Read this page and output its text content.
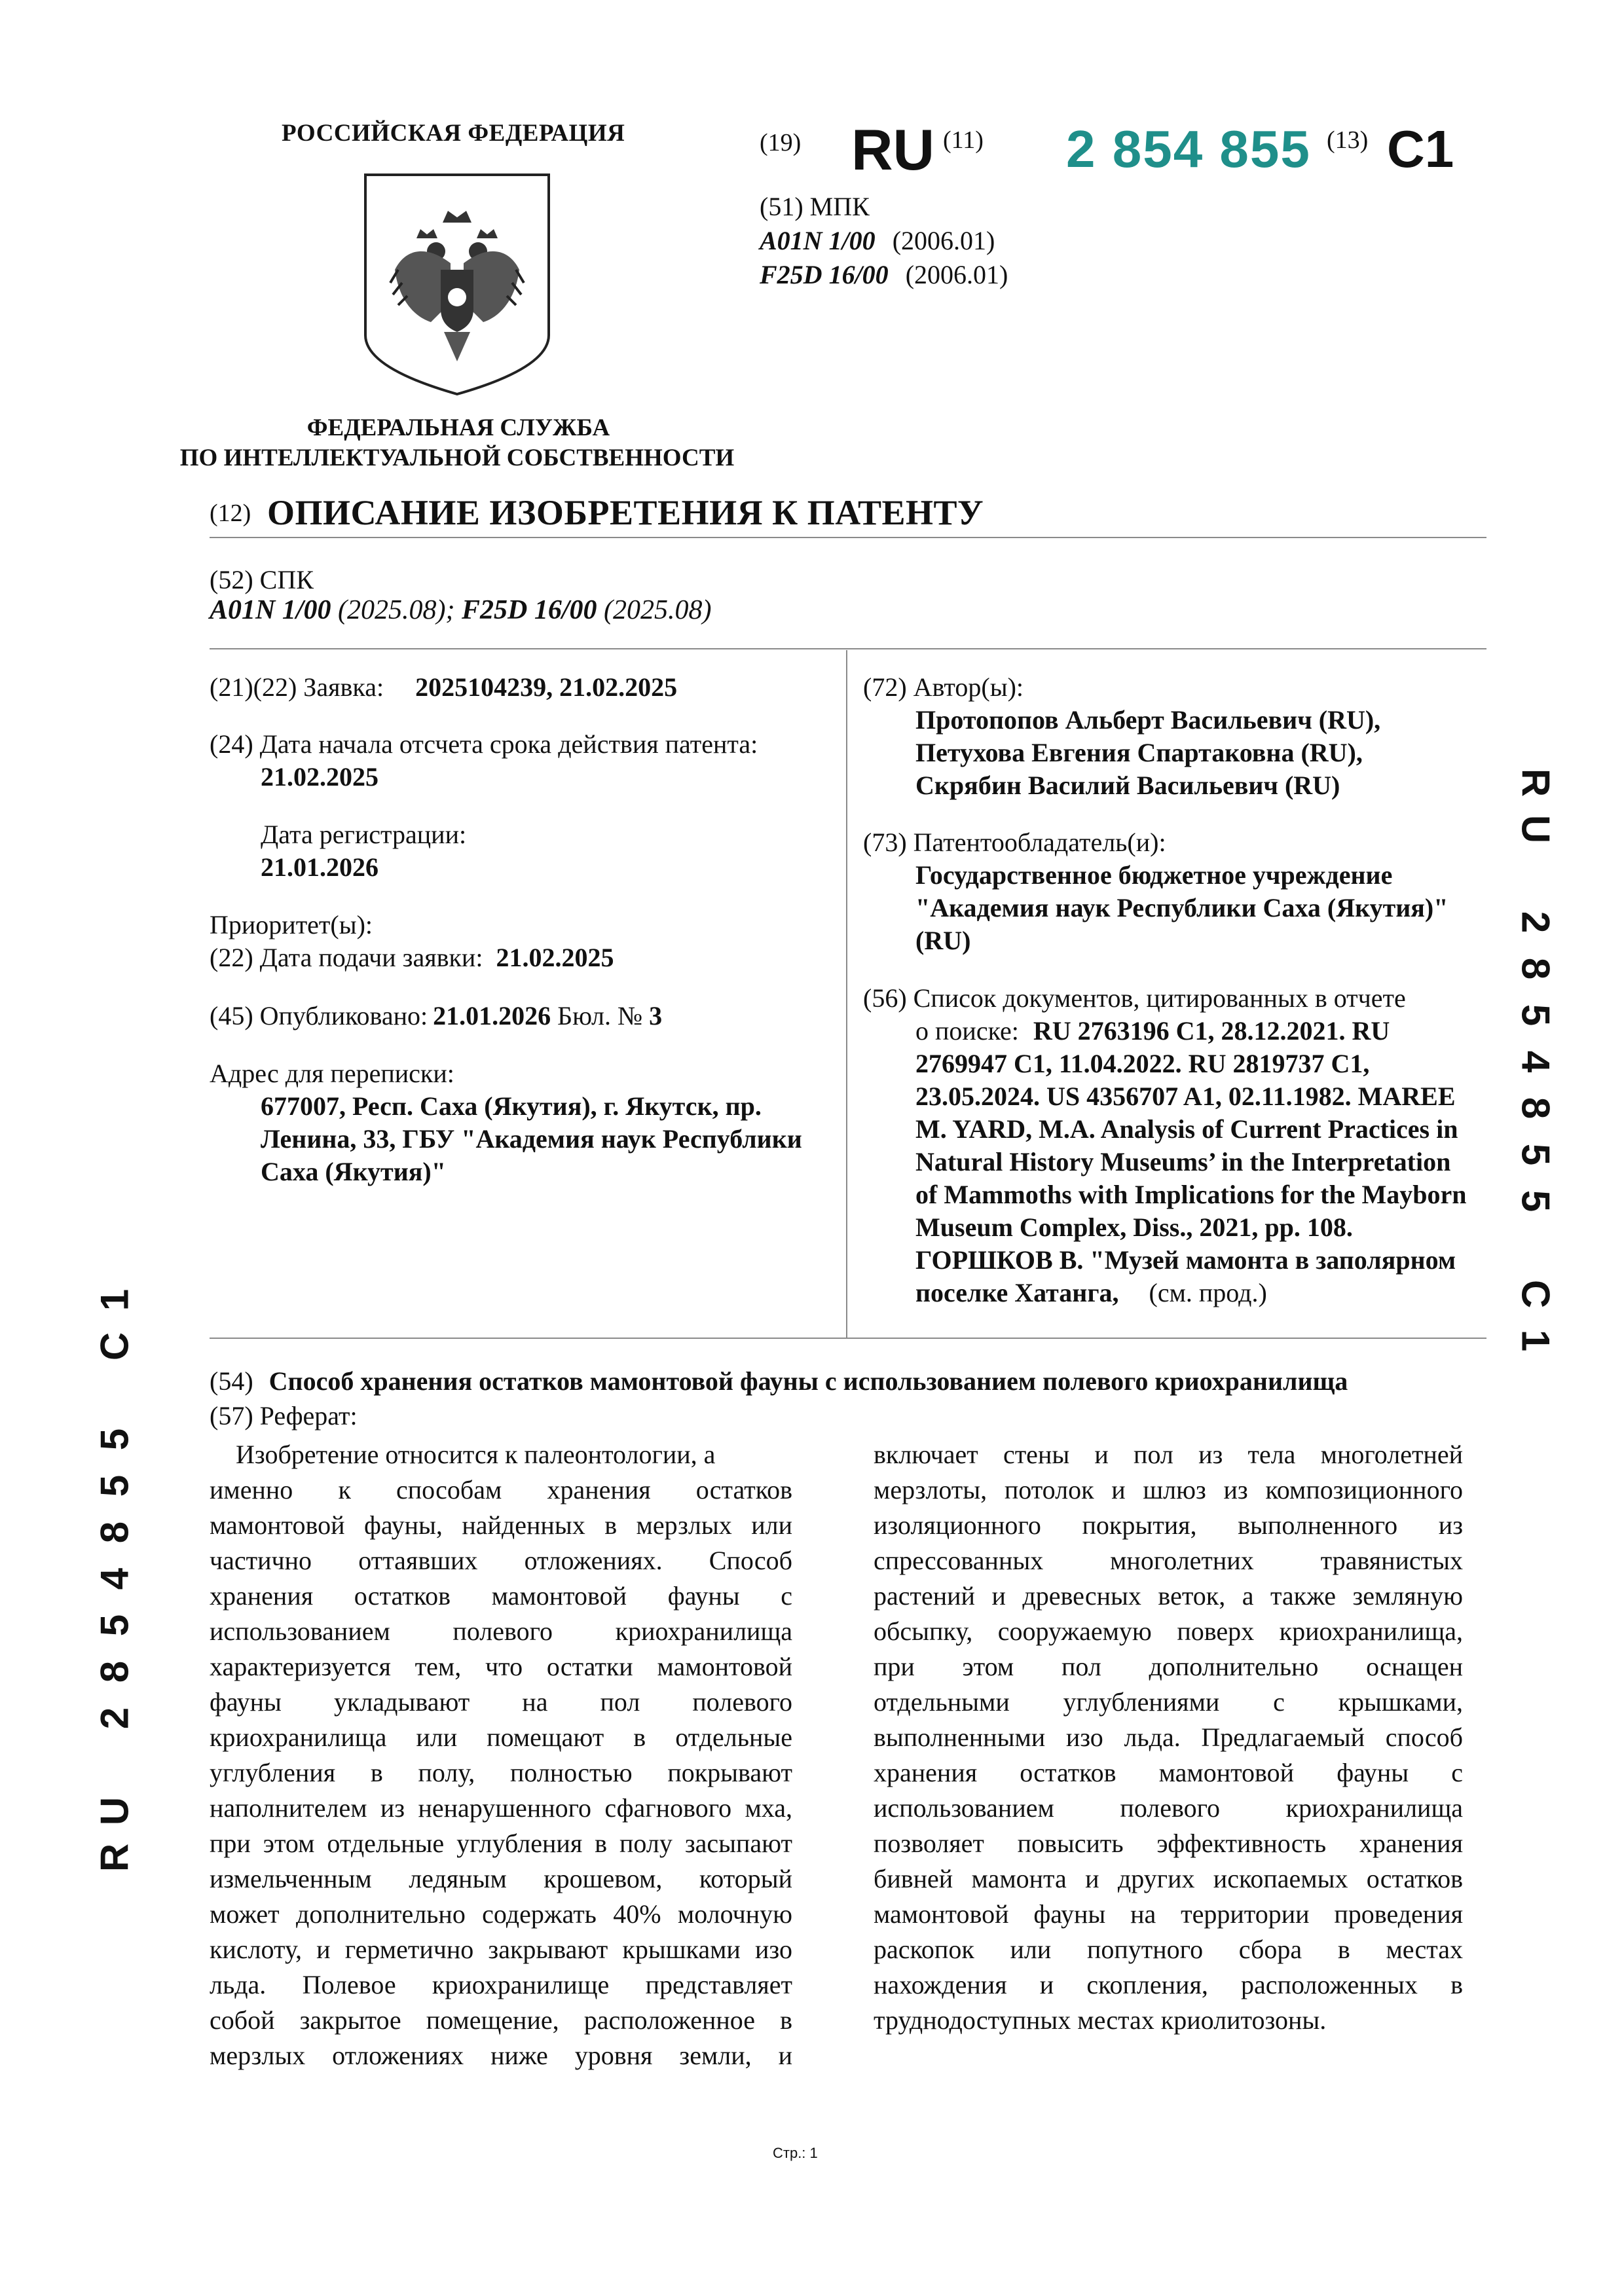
РОССИЙСКАЯ ФЕДЕРАЦИЯ
ФЕДЕРАЛЬНАЯ СЛУЖБА
ПО ИНТЕЛЛЕКТУАЛЬНОЙ СОБСТВЕННОСТИ
(19) RU (11) 2 854 855 (13) C1
(51) МПК
A01N 1/00 (2006.01)
F25D 16/00 (2006.01)
(12) ОПИСАНИЕ ИЗОБРЕТЕНИЯ К ПАТЕНТУ
(52) СПК
A01N 1/00 (2025.08); F25D 16/00 (2025.08)
(21)(22) Заявка: 2025104239, 21.02.2025
(24) Дата начала отсчета срока действия патента:
21.02.2025
Дата регистрации:
21.01.2026
Приоритет(ы):
(22) Дата подачи заявки: 21.02.2025
(45) Опубликовано: 21.01.2026 Бюл. № 3
Адрес для переписки:
677007, Респ. Саха (Якутия), г. Якутск, пр.
Ленина, 33, ГБУ "Академия наук Республики
Саха (Якутия)"
(72) Автор(ы):
Протопопов Альберт Васильевич (RU),
Петухова Евгения Спартаковна (RU),
Скрябин Василий Васильевич (RU)
(73) Патентообладатель(и):
Государственное бюджетное учреждение
"Академия наук Республики Саха (Якутия)"
(RU)
(56) Список документов, цитированных в отчете
о поиске: RU 2763196 C1, 28.12.2021. RU
2769947 C1, 11.04.2022. RU 2819737 C1,
23.05.2024. US 4356707 A1, 02.11.1982. MAREE
M. YARD, M.A. Analysis of Current Practices in
Natural History Museums’ in the Interpretation
of Mammoths with Implications for the Mayborn
Museum Complex, Diss., 2021, pp. 108.
ГОРШКОВ В. "Музей мамонта в заполярном
поселке Хатанга, (см. прод.)
R
U

2
8
5
4
8
5
5

C
1
1
C

5
5
8
4
5
8
2

U
R
(54) Способ хранения остатков мамонтовой фауны с использованием полевого криохранилища
(57) Реферат:
Изобретение относится к палеонтологии, а
именно к способам хранения остатков
мамонтовой фауны, найденных в мерзлых или
частично оттаявших отложениях. Способ
хранения остатков мамонтовой фауны с
использованием полевого криохранилища
характеризуется тем, что остатки мамонтовой
фауны укладывают на пол полевого
криохранилища или помещают в отдельные
углубления в полу, полностью покрывают
наполнителем из ненарушенного сфагнового мха,
при этом отдельные углубления в полу засыпают
измельченным ледяным крошевом, который
может дополнительно содержать 40% молочную
кислоту, и герметично закрывают крышками изо
льда. Полевое криохранилище представляет
собой закрытое помещение, расположенное в
мерзлых отложениях ниже уровня земли, и
включает стены и пол из тела многолетней
мерзлоты, потолок и шлюз из композиционного
изоляционного покрытия, выполненного из
спрессованных многолетних травянистых
растений и древесных веток, а также земляную
обсыпку, сооружаемую поверх криохранилища,
при этом пол дополнительно оснащен
отдельными углублениями с крышками,
выполненными изо льда. Предлагаемый способ
хранения остатков мамонтовой фауны с
использованием полевого криохранилища
позволяет повысить эффективность хранения
бивней мамонта и других ископаемых остатков
мамонтовой фауны на территории проведения
раскопок или попутного сбора в местах
нахождения и скопления, расположенных в
труднодоступных местах криолитозоны.
Стр.: 1
